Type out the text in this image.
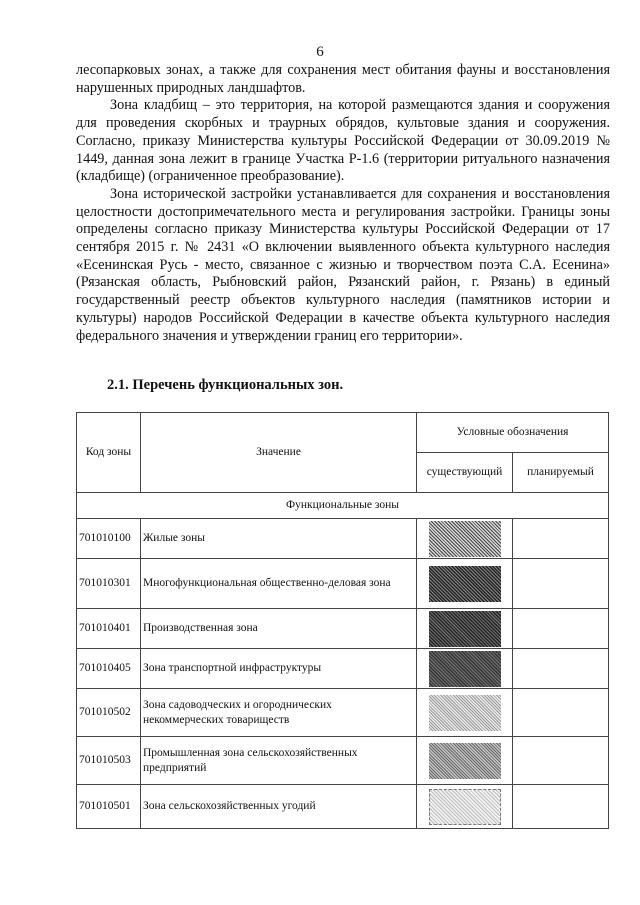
6

лесопарковых зонах, а также для сохранения мест обитания фауны и восстановления нарушенных природных ландшафтов.

Зона кладбищ – это территория, на которой размещаются здания и сооружения для проведения скорбных и траурных обрядов, культовые здания и сооружения. Согласно, приказу Министерства культуры Российской Федерации от 30.09.2019 № 1449, данная зона лежит в границе Участка Р-1.6 (территории ритуального назначения (кладбище) (ограниченное преобразование).

Зона исторической застройки устанавливается для сохранения и восстановления целостности достопримечательного места и регулирования застройки. Границы зоны определены согласно приказу Министерства культуры Российской Федерации от 17 сентября 2015 г. № 2431 «О включении выявленного объекта культурного наследия «Есенинская Русь - место, связанное с жизнью и творчеством поэта С.А. Есенина» (Рязанская область, Рыбновский район, Рязанский район, г. Рязань) в единый государственный реестр объектов культурного наследия (памятников истории и культуры) народов Российской Федерации в качестве объекта культурного наследия федерального значения и утверждении границ его территории».

2.1. Перечень функциональных зон.
Код зоны	Значение	Условные обозначения	
		существующий	планируемый
Функциональные зоны			
701010100	Жилые зоны		
701010301	Многофункциональная общественно-деловая зона		
701010401	Производственная зона		
701010405	Зона транспортной инфраструктуры		
701010502	Зона садоводческих и огороднических некоммерческих товариществ		
701010503	Промышленная зона сельскохозяйственных предприятий		
701010501	Зона сельскохозяйственных угодий		
